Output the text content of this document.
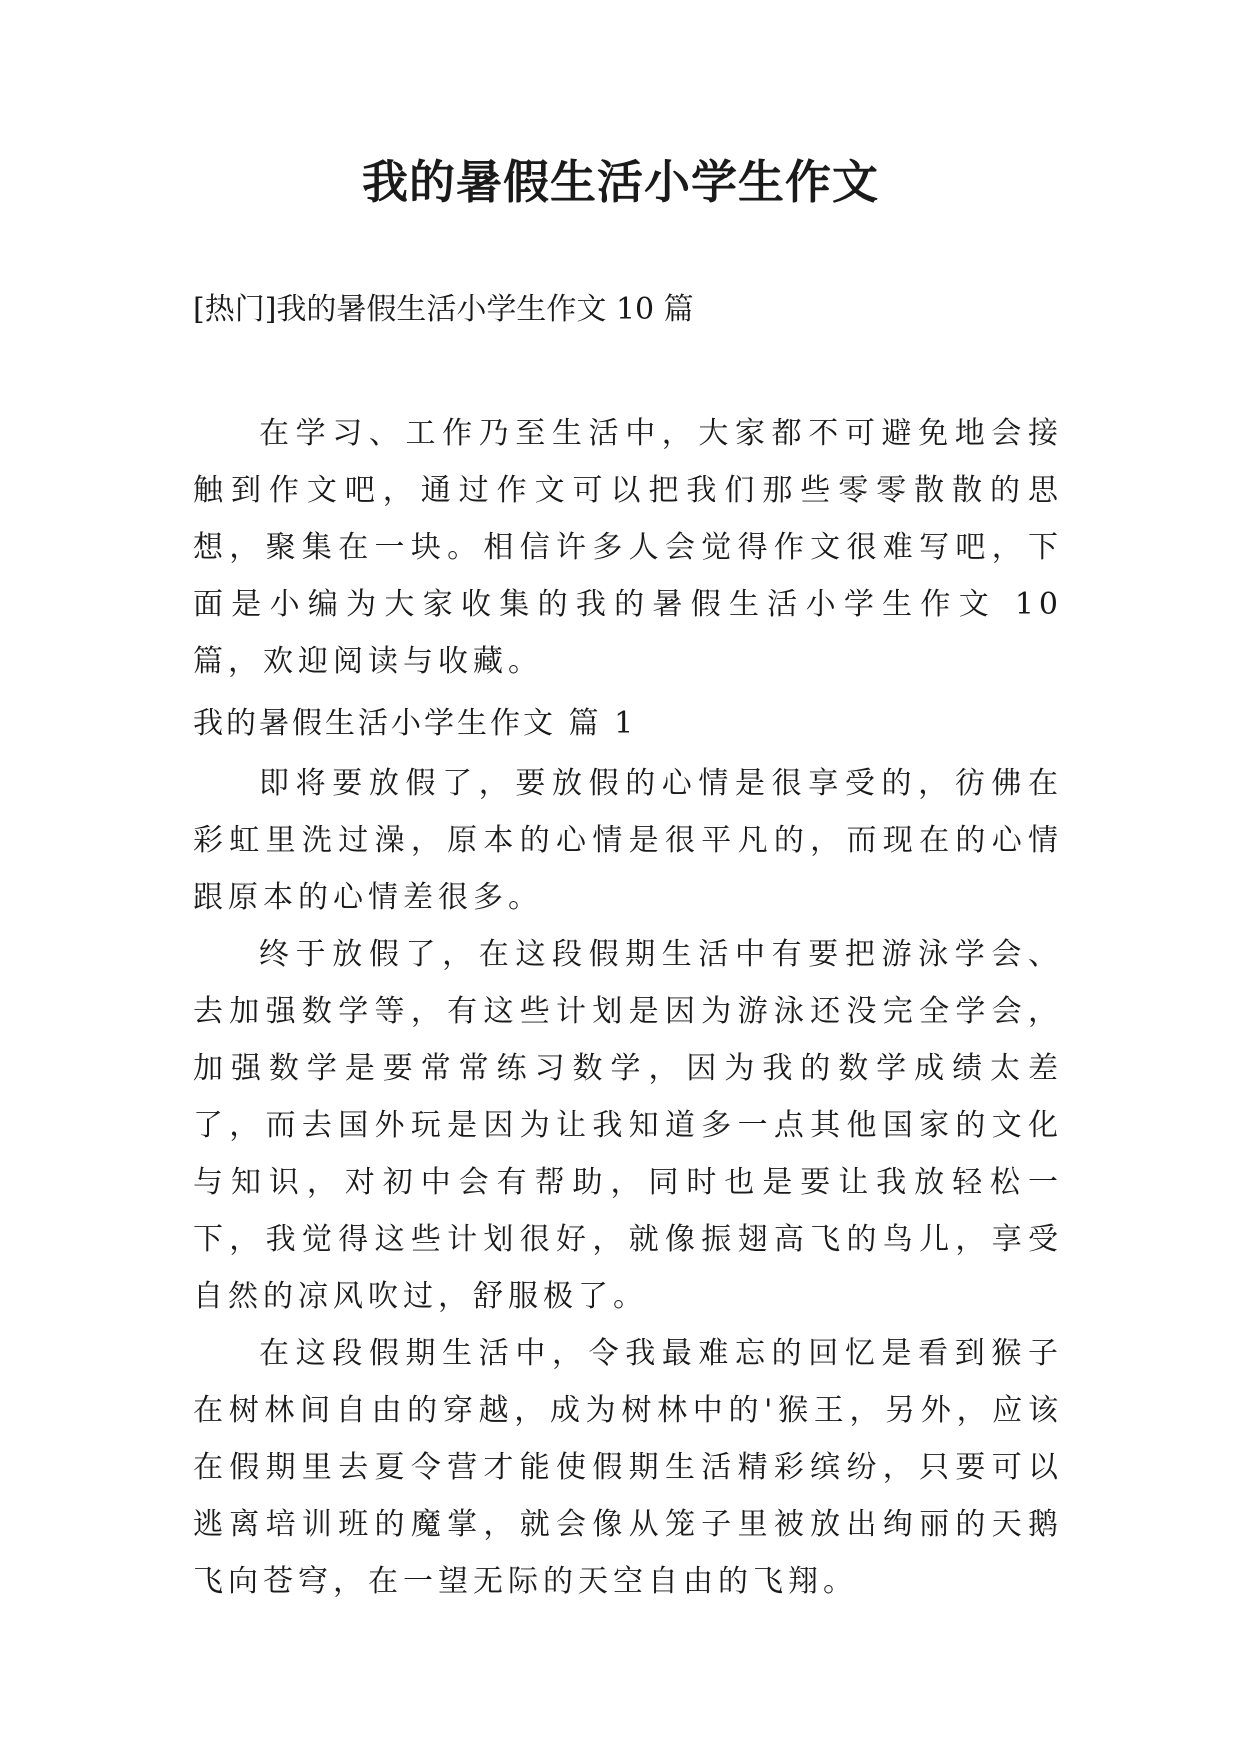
我的暑假生活小学生作文
[热门]我的暑假生活小学生作文 10 篇

在学习、工作乃至生活中，大家都不可避免地会接触到作文吧，通过作文可以把我们那些零零散散的思想，聚集在一块。相信许多人会觉得作文很难写吧，下面是小编为大家收集的我的暑假生活小学生作文 10 篇，欢迎阅读与收藏。

我的暑假生活小学生作文 篇 1

即将要放假了，要放假的心情是很享受的，彷佛在彩虹里洗过澡，原本的心情是很平凡的，而现在的心情跟原本的心情差很多。

终于放假了，在这段假期生活中有要把游泳学会、去加强数学等，有这些计划是因为游泳还没完全学会，加强数学是要常常练习数学，因为我的数学成绩太差了，而去国外玩是因为让我知道多一点其他国家的文化与知识，对初中会有帮助，同时也是要让我放轻松一下，我觉得这些计划很好，就像振翅高飞的鸟儿，享受自然的凉风吹过，舒服极了。

在这段假期生活中，令我最难忘的回忆是看到猴子在树林间自由的穿越，成为树林中的'猴王，另外，应该在假期里去夏令营才能使假期生活精彩缤纷，只要可以逃离培训班的魔掌，就会像从笼子里被放出绚丽的天鹅飞向苍穹，在一望无际的天空自由的飞翔。
